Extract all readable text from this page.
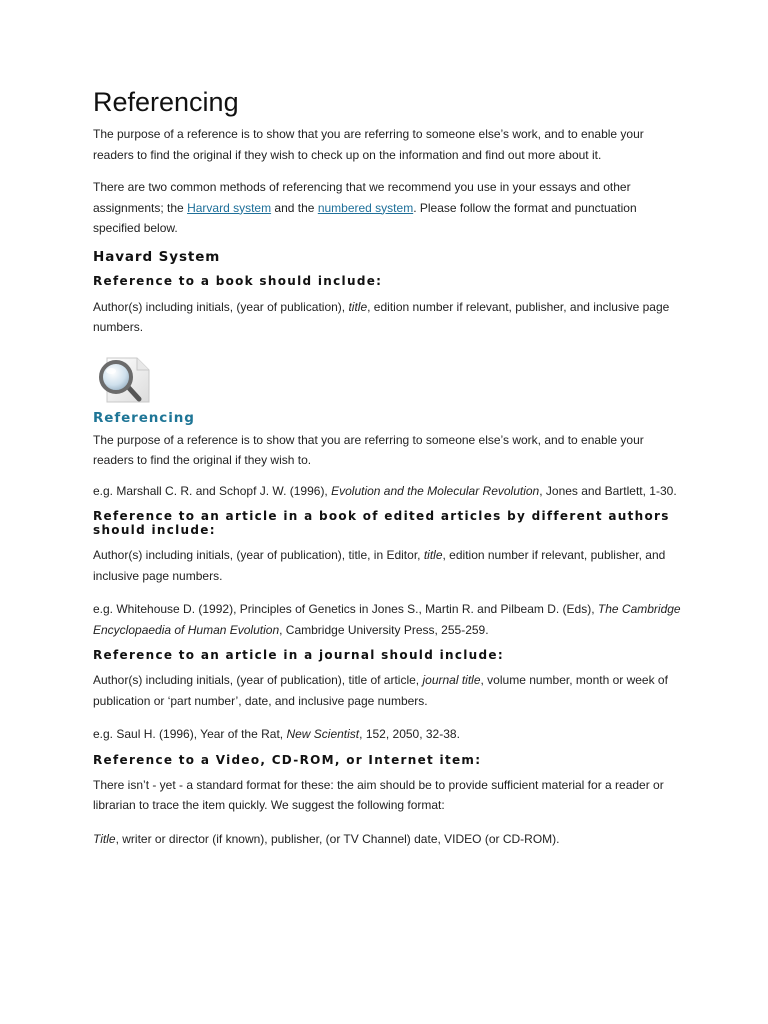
Referencing

The purpose of a reference is to show that you are referring to someone else’s work, and to enable your readers to find the original if they wish to check up on the information and find out more about it.

There are two common methods of referencing that we recommend you use in your essays and other assignments; the Harvard system and the numbered system. Please follow the format and punctuation specified below.

Havard System
Reference to a book should include:

Author(s) including initials, (year of publication), title, edition number if relevant, publisher, and inclusive page numbers.

Referencing

The purpose of a reference is to show that you are referring to someone else’s work, and to enable your readers to find the original if they wish to.

e.g. Marshall C. R. and Schopf J. W. (1996), Evolution and the Molecular Revolution, Jones and Bartlett, 1-30.

Reference to an article in a book of edited articles by different authors should include:

Author(s) including initials, (year of publication), title, in Editor, title, edition number if relevant, publisher, and inclusive page numbers.

e.g. Whitehouse D. (1992), Principles of Genetics in Jones S., Martin R. and Pilbeam D. (Eds), The Cambridge Encyclopaedia of Human Evolution, Cambridge University Press, 255-259.

Reference to an article in a journal should include:

Author(s) including initials, (year of publication), title of article, journal title, volume number, month or week of publication or ‘part number’, date, and inclusive page numbers.

e.g. Saul H. (1996), Year of the Rat, New Scientist, 152, 2050, 32-38.

Reference to a Video, CD-ROM, or Internet item:

There isn’t - yet - a standard format for these: the aim should be to provide sufficient material for a reader or librarian to trace the item quickly. We suggest the following format:

Title, writer or director (if known), publisher, (or TV Channel) date, VIDEO (or CD-ROM).
